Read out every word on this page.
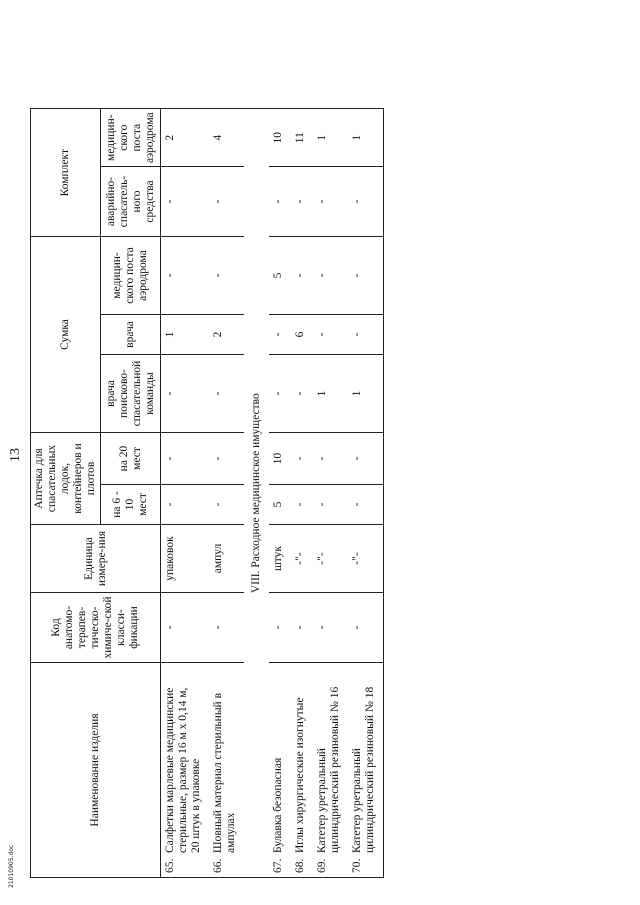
13
Наименование изделия	Код анатомо-терапев-тическо-химиче-ской класси-фикации	Единица измере-ния	Аптечка для спасательных лодок, контейнеров и плотов		Сумка			Комплект	
			на 6 - 10 мест	на 20 мест	врача поисково-спасательной команды	врача	медицин-ского поста аэродрома	аварийно-спасатель-ного средства	медицин-ского поста аэродрома
65.Салфетки марлевые медицинские стерильные, размер 16 м х 0,14 м, 20 штук в упаковке	-	упаковок	-	-	-	1	-	-	2
66.Шовный материал стерильный в ампулах	-	ампул	-	-	-	2	-	-	4
VIII. Расходное медицинское имущество									
67.Булавка безопасная	-	штук	5	10	-	-	5	-	10
68.Иглы хирургические изогнутые	-	-"-	-	-	-	6	-	-	11
69.Катетер уретральный цилиндрический резиновый № 16	-	-"-	-	-	1	-	-	-	1
70.Катетер уретральный цилиндрический резиновый № 18	-	-"-	-	-	1	-	-	-	1
21010905.doc
